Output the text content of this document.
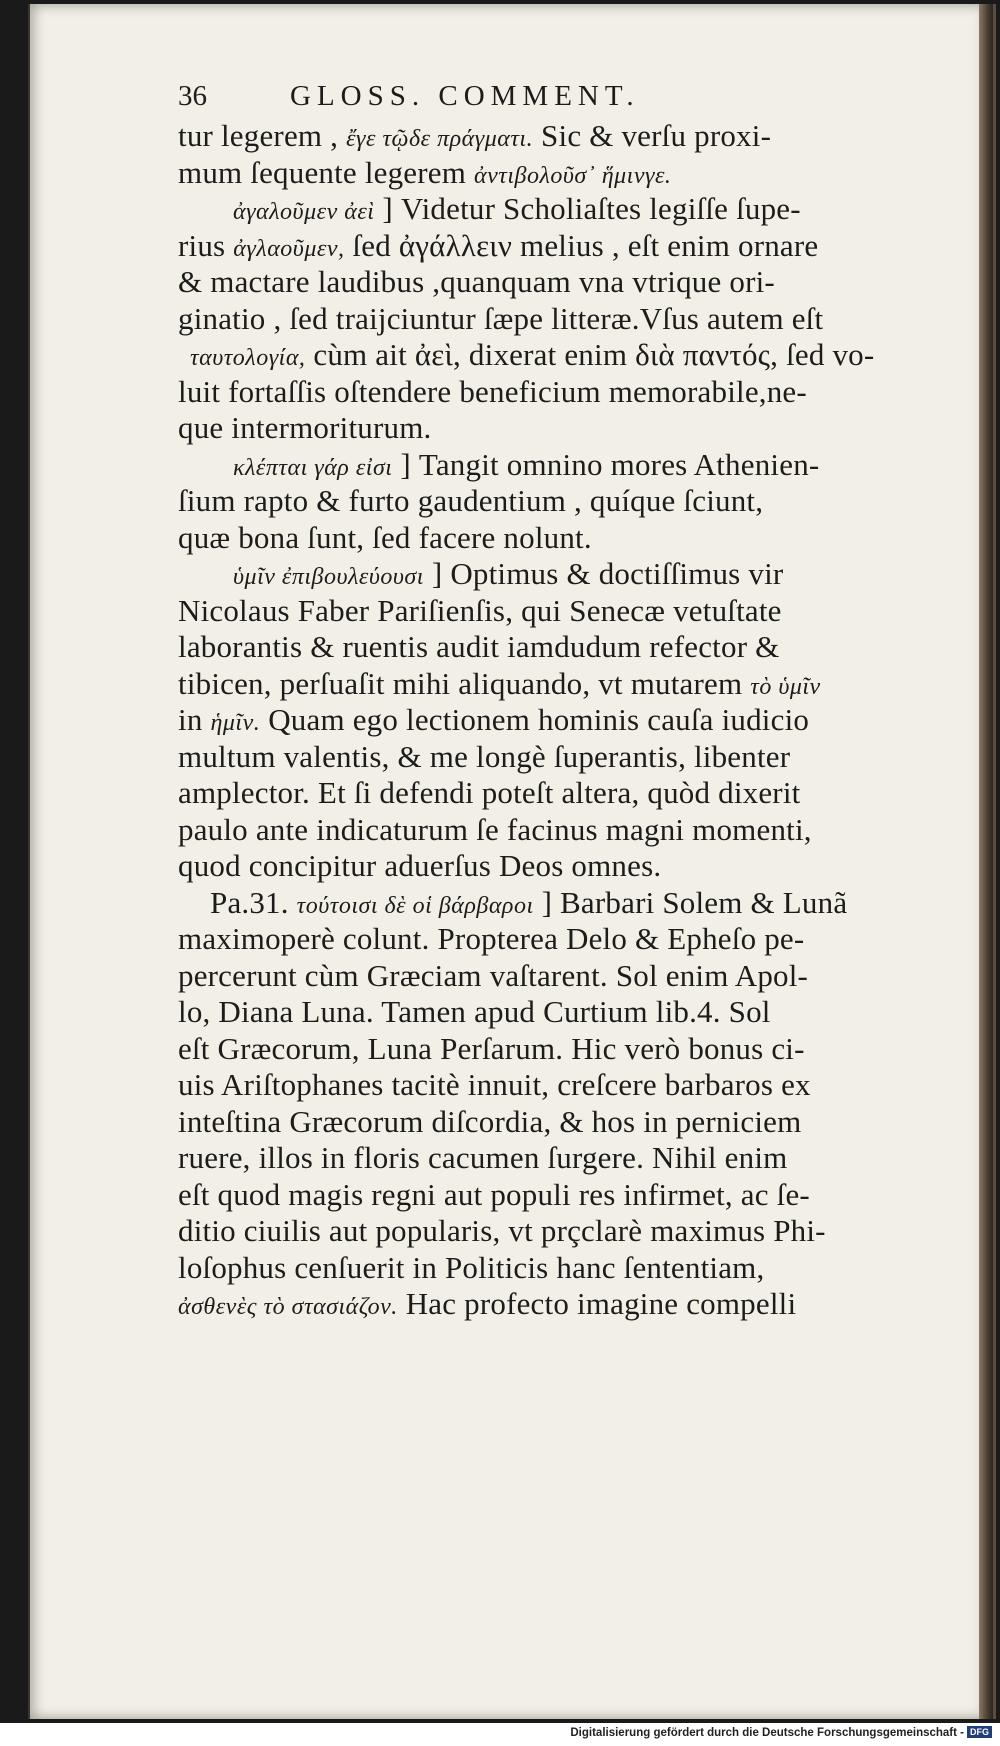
36	GLOSS. COMMENT.
tur legerem , ἔγε τῷδε πράγματι. Sic & verſu proxi-
mum ſequente legerem ἀντιβολοῦσ᾽ ἥμινγε.
ἀγαλοῦμεν ἀεὶ ] Videtur Scholiaſtes legiſſe ſupe-
rius ἀγλαοῦμεν, ſed ἀγάλλειν melius , eſt enim ornare
& mactare laudibus ,quanquam vna vtrique ori-
ginatio , ſed traijciuntur ſæpe litteræ.Vſus autem eſt
ταυτολογία, cùm ait ἀεὶ, dixerat enim διὰ παντός, ſed vo-
luit fortaſſis oſtendere beneficium memorabile,ne-
que intermoriturum.
κλέπται γάρ εἰσι ] Tangit omnino mores Athenien-
ſium rapto & furto gaudentium , quíque ſciunt,
quæ bona ſunt, ſed facere nolunt.
ὑμῖν ἐπιβουλεύουσι ] Optimus & doctiſſimus vir
Nicolaus Faber Pariſienſis, qui Senecæ vetuſtate
laborantis & ruentis audit iamdudum refector &
tibicen, perſuaſit mihi aliquando, vt mutarem τὸ ὑμῖν
in ἡμῖν. Quam ego lectionem hominis cauſa iudicio
multum valentis, & me longè ſuperantis, libenter
amplector. Et ſi defendi poteſt altera, quòd dixerit
paulo ante indicaturum ſe facinus magni momenti,
quod concipitur aduerſus Deos omnes.
Pa.31. τούτοισι δὲ οἱ βάρβαροι ] Barbari Solem & Lunã
maximoperè colunt. Propterea Delo & Epheſo pe-
percerunt cùm Græciam vaſtarent. Sol enim Apol-
lo, Diana Luna. Tamen apud Curtium lib.4. Sol
eſt Græcorum, Luna Perſarum. Hic verò bonus ci-
uis Ariſtophanes tacitè innuit, creſcere barbaros ex
inteſtina Græcorum diſcordia, & hos in perniciem
ruere, illos in floris cacumen ſurgere. Nihil enim
eſt quod magis regni aut populi res infirmet, ac ſe-
ditio ciuilis aut popularis, vt prçclarè maximus Phi-
loſophus cenſuerit in Politicis hanc ſententiam,
ἀσθενὲς τὸ στασιάζον. Hac profecto imagine compelli
Digitalisierung gefördert durch die Deutsche Forschungsgemeinschaft - DFG
